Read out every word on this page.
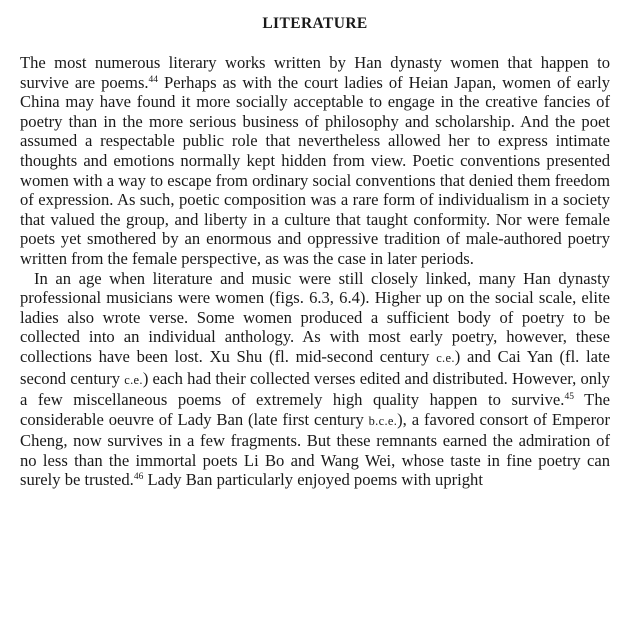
LITERATURE

The most numerous literary works written by Han dynasty women that happen to survive are poems.$^{44}$ Perhaps as with the court ladies of Heian Japan, women of early China may have found it more socially acceptable to engage in the creative fancies of poetry than in the more serious business of philosophy and scholarship. And the poet assumed a respectable public role that nevertheless allowed her to express intimate thoughts and emotions normally kept hidden from view. Poetic conventions presented women with a way to escape from ordinary social conventions that denied them freedom of expression. As such, poetic composition was a rare form of individualism in a society that valued the group, and liberty in a culture that taught conformity. Nor were female poets yet smothered by an enormous and oppressive tradition of male-authored poetry written from the female perspective, as was the case in later periods.

In an age when literature and music were still closely linked, many Han dynasty professional musicians were women (figs. 6.3, 6.4). Higher up on the social scale, elite ladies also wrote verse. Some women produced a sufficient body of poetry to be collected into an individual anthology. As with most early poetry, however, these collections have been lost. Xu Shu (fl. mid-second century c.e.) and Cai Yan (fl. late second century c.e.) each had their collected verses edited and distributed. However, only a few miscellaneous poems of extremely high quality happen to survive.$^{45}$ The considerable oeuvre of Lady Ban (late first century b.c.e.), a favored consort of Emperor Cheng, now survives in a few fragments. But these remnants earned the admiration of no less than the immortal poets Li Bo and Wang Wei, whose taste in fine poetry can surely be trusted.$^{46}$ Lady Ban particularly enjoyed poems with upright
